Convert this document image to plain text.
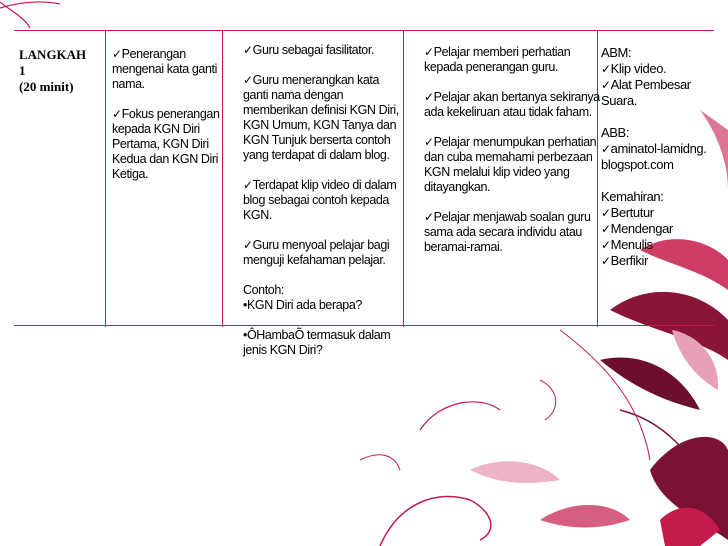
LANGKAH
1
(20 minit)
✓Penerangan mengenai kata ganti nama.
✓Fokus penerangan kepada KGN Diri Pertama, KGN Diri Kedua dan KGN Diri Ketiga.
✓Guru sebagai fasilitator.
✓Guru menerangkan kata ganti nama dengan memberikan definisi KGN Diri, KGN Umum, KGN Tanya dan KGN Tunjuk berserta contoh yang terdapat di dalam blog.
✓Terdapat klip video di dalam blog sebagai contoh kepada KGN.
✓Guru menyoal pelajar bagi menguji kefahaman pelajar.
Contoh:
•KGN Diri ada berapa?
•ÔHambaÕ termasuk dalam jenis KGN Diri?
✓Pelajar memberi perhatian kepada penerangan guru.
✓Pelajar akan bertanya sekiranya ada kekeliruan atau tidak faham.
✓Pelajar menumpukan perhatian dan cuba memahami perbezaan KGN melalui klip video yang ditayangkan.
✓Pelajar menjawab soalan guru sama ada secara individu atau beramai-ramai.
ABM:
✓Klip video.
✓Alat Pembesar Suara.
ABB:
✓aminatol-lamidng.blogspot.com
Kemahiran:
✓Bertutur
✓Mendengar
✓Menulis
✓Berfikir
